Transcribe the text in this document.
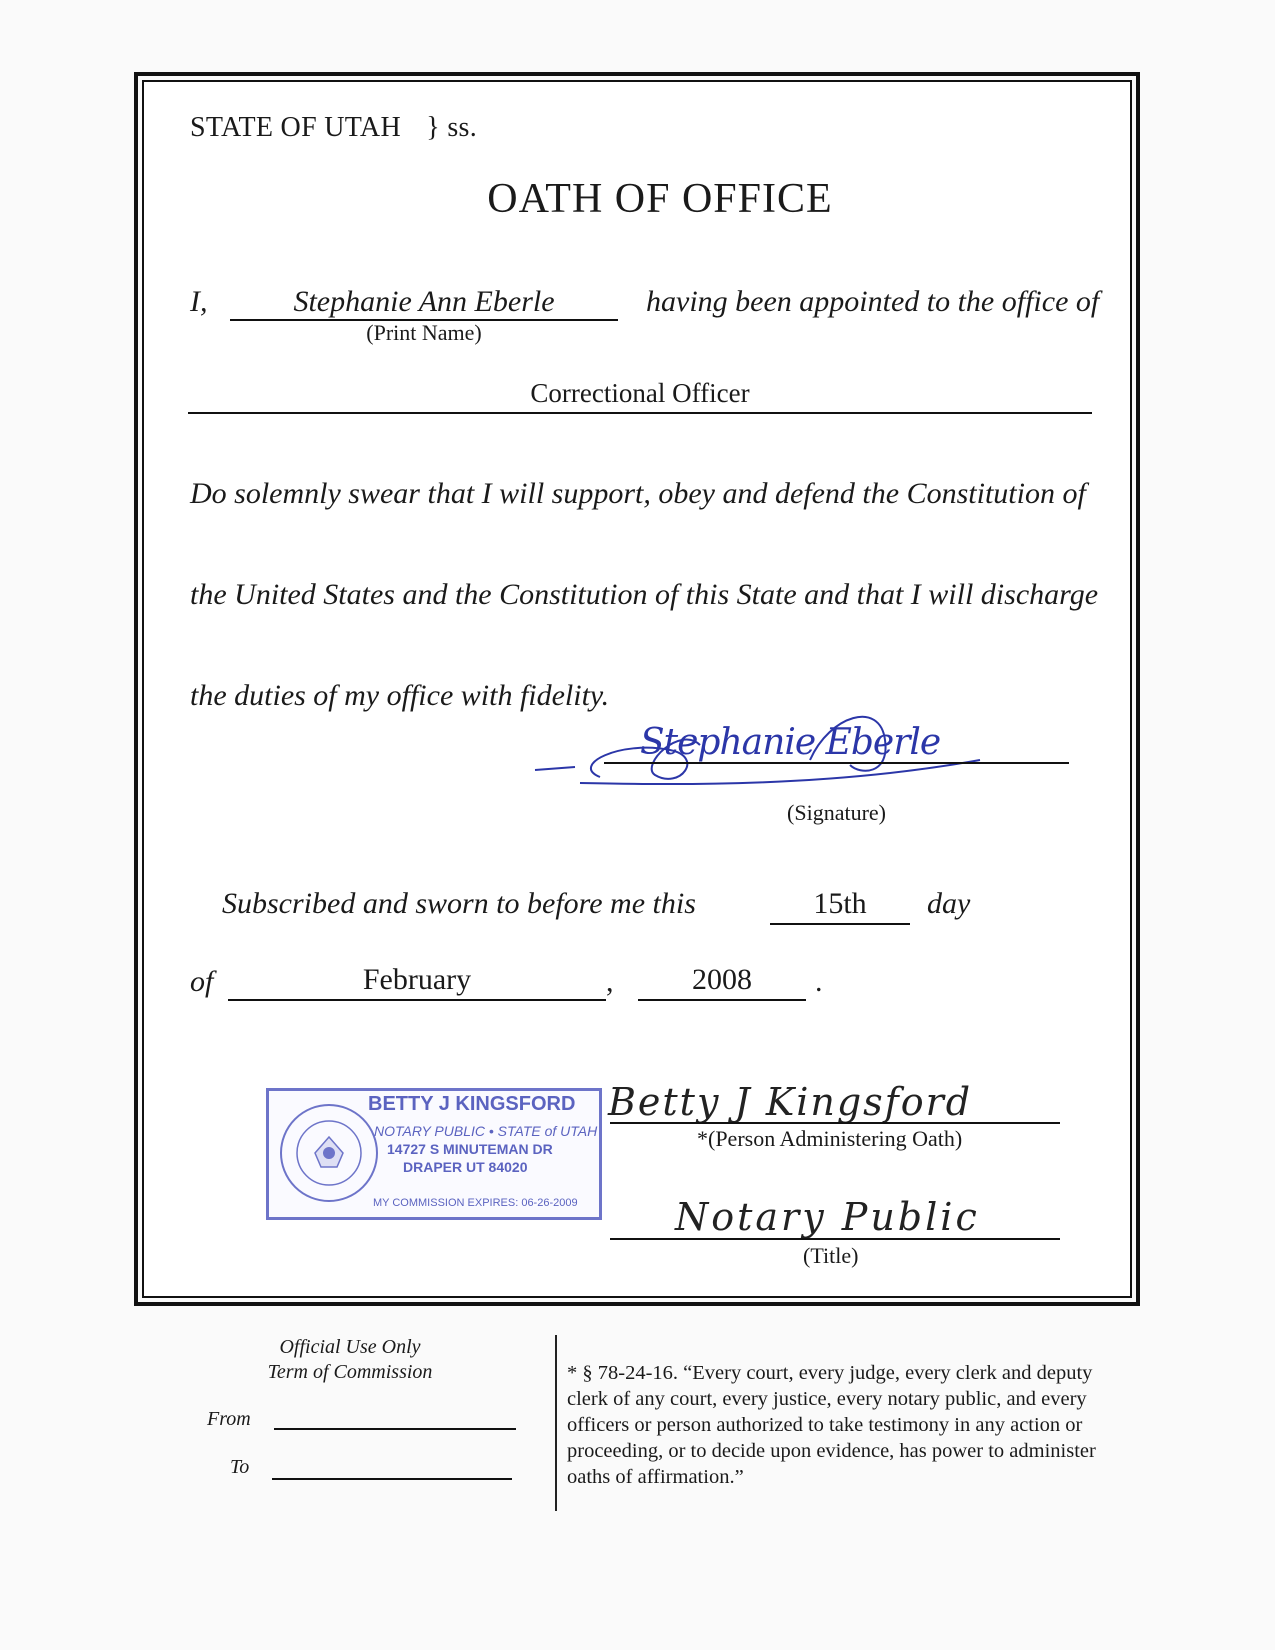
STATE OF UTAH } ss.
OATH OF OFFICE
I,	Stephanie Ann Eberle
(Print Name)
having been appointed to the office of
Correctional Officer
Do solemnly swear that I will support, obey and defend the Constitution of
the United States and the Constitution of this State and that I will discharge
the duties of my office with fidelity.
Stephanie Eberle
(Signature)
Subscribed and sworn to before me this	15th	day
of	February	,	2008	.
BETTY J KINGSFORD
NOTARY PUBLIC • STATE of UTAH
14727 S MINUTEMAN DR
DRAPER UT 84020
MY COMMISSION EXPIRES: 06-26-2009
Betty J Kingsford
*(Person Administering Oath)
Notary Public
(Title)
Official Use Only
Term of Commission
From
To
* § 78-24-16. “Every court, every judge, every clerk and deputy clerk of any court, every justice, every notary public, and every officers or person authorized to take testimony in any action or proceeding, or to decide upon evidence, has power to administer oaths of affirmation.”
